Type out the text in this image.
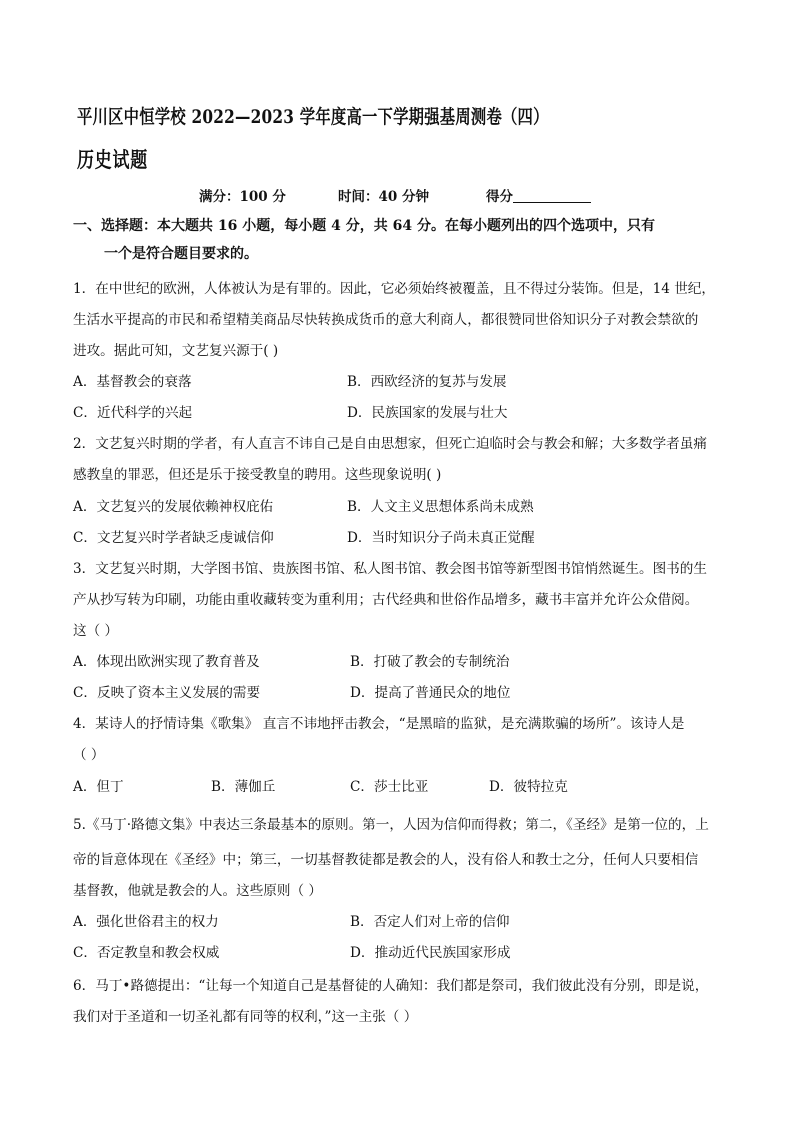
平川区中恒学校 2022—2023 学年度高一下学期强基周测卷（四）
历史试题
满分：100 分	时间：40 分钟	得分
一、选择题：本大题共 16 小题，每小题 4 分，共 64 分。在每小题列出的四个选项中，只有
一个是符合题目要求的。
1．在中世纪的欧洲，人体被认为是有罪的。因此，它必须始终被覆盖，且不得过分装饰。但是，14 世纪，
生活水平提高的市民和希望精美商品尽快转换成货币的意大利商人，都很赞同世俗知识分子对教会禁欲的
进攻。据此可知，文艺复兴源于( )
A．基督教会的衰落	B．西欧经济的复苏与发展
C．近代科学的兴起	D．民族国家的发展与壮大
2．文艺复兴时期的学者，有人直言不讳自己是自由思想家，但死亡迫临时会与教会和解；大多数学者虽痛
感教皇的罪恶，但还是乐于接受教皇的聘用。这些现象说明( )
A．文艺复兴的发展依赖神权庇佑	B．人文主义思想体系尚未成熟
C．文艺复兴时学者缺乏虔诚信仰	D．当时知识分子尚未真正觉醒
3．文艺复兴时期，大学图书馆、贵族图书馆、私人图书馆、教会图书馆等新型图书馆悄然诞生。图书的生
产从抄写转为印刷，功能由重收藏转变为重利用；古代经典和世俗作品增多，藏书丰富并允许公众借阅。
这（ ）
A．体现出欧洲实现了教育普及	B．打破了教会的专制统治
C．反映了资本主义发展的需要	D．提高了普通民众的地位
4．某诗人的抒情诗集《歌集》 直言不讳地抨击教会，“是黑暗的监狱，是充满欺骗的场所”。该诗人是
（ ）
A．但丁	B．薄伽丘	C．莎士比亚	D．彼特拉克
5.《马丁·路德文集》中表达三条最基本的原则。第一，人因为信仰而得救；第二，《圣经》是第一位的，上
帝的旨意体现在《圣经》中；第三，一切基督教徒都是教会的人，没有俗人和教士之分，任何人只要相信
基督教，他就是教会的人。这些原则（ ）
A．强化世俗君主的权力	B．否定人们对上帝的信仰
C．否定教皇和教会权威	D．推动近代民族国家形成
6．马丁•路德提出：“让每一个知道自己是基督徒的人确知：我们都是祭司，我们彼此没有分别，即是说，
我们对于圣道和一切圣礼都有同等的权利，”这一主张（ ）
